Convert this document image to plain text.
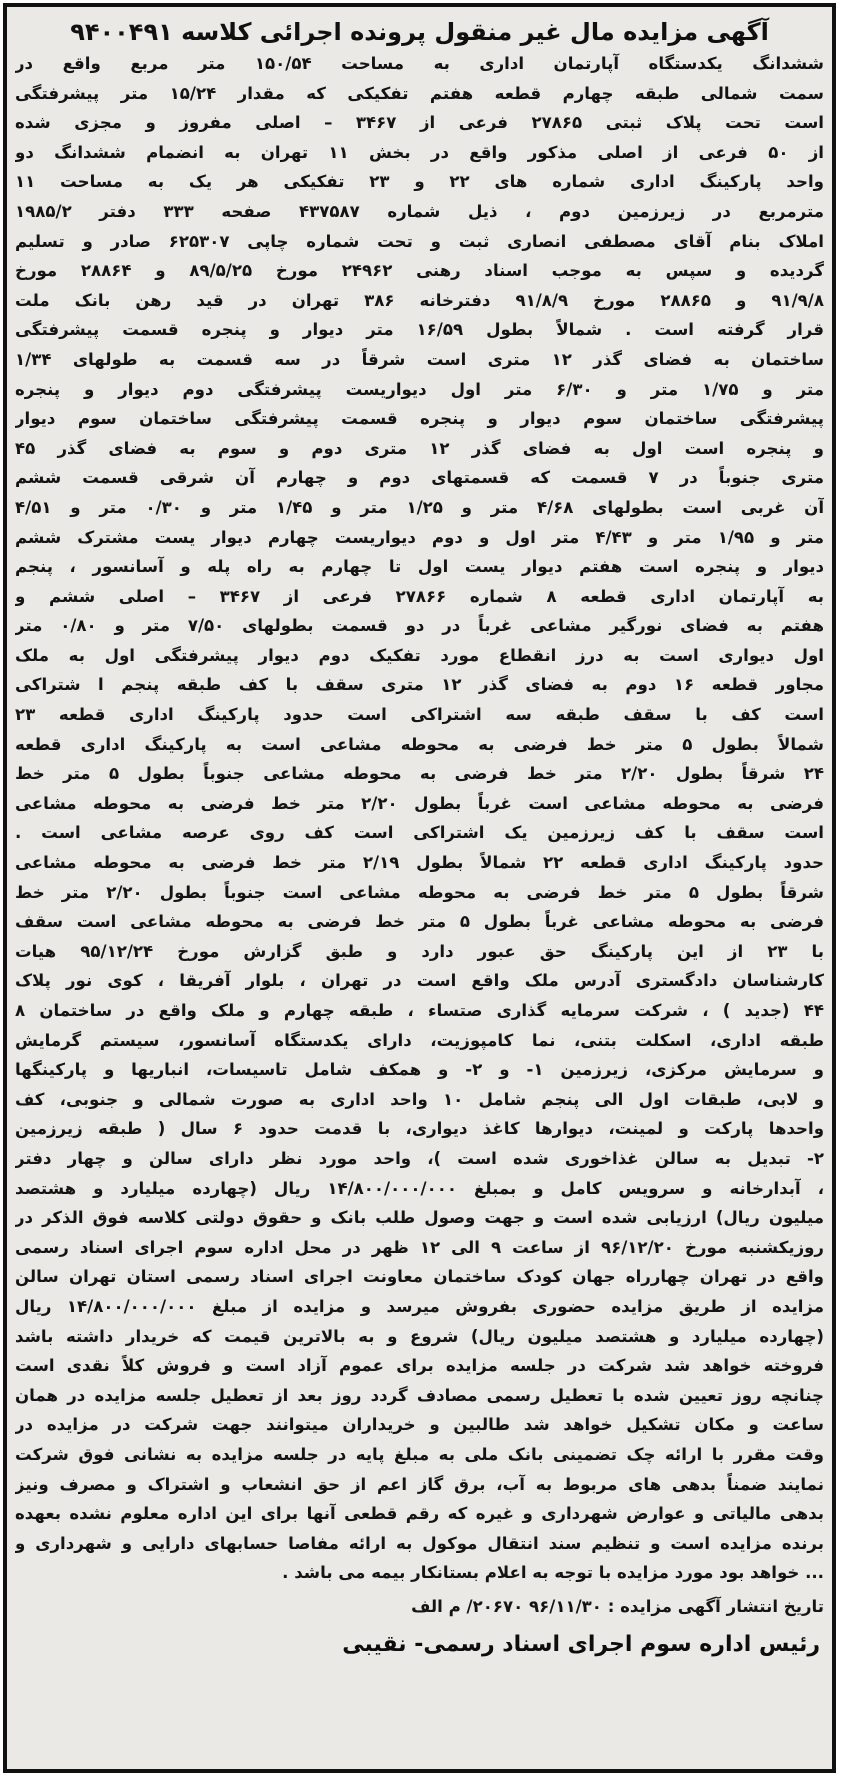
آگهی مزایده مال غیر منقول پرونده اجرائی کلاسه ۹۴۰۰۴۹۱
ششدانگ یکدستگاه آپارتمان اداری به مساحت ۱۵۰/۵۴ متر مربع واقع در
سمت شمالی طبقه چهارم قطعه هفتم تفکیکی که مقدار ۱۵/۲۴ متر پیشرفتگی
است تحت پلاک ثبتی ۲۷۸۶۵ فرعی از ۳۴۶۷ – اصلی مفروز و مجزی شده
از ۵۰ فرعی از اصلی مذکور واقع در بخش ۱۱ تهران به انضمام ششدانگ دو
واحد پارکینگ اداری شماره های ۲۲ و ۲۳ تفکیکی هر یک به مساحت ۱۱
مترمربع در زیرزمین دوم ، ذیل شماره ۴۳۷۵۸۷ صفحه ۳۳۳ دفتر ۱۹۸۵/۲
املاک بنام آقای مصطفی انصاری ثبت و تحت شماره چاپی ۶۲۵۳۰۷ صادر و تسلیم
گردیده و سپس به موجب اسناد رهنی ۲۴۹۶۲ مورخ ۸۹/۵/۲۵ و ۲۸۸۶۴ مورخ
۹۱/۹/۸ و ۲۸۸۶۵ مورخ ۹۱/۸/۹ دفترخانه ۳۸۶ تهران در قید رهن بانک ملت
قرار گرفته است . شمالاً بطول ۱۶/۵۹ متر دیوار و پنجره قسمت پیشرفتگی
ساختمان به فضای گذر ۱۲ متری است شرقاً در سه قسمت به طولهای ۱/۳۴
متر و ۱/۷۵ متر و ۶/۳۰ متر اول دیواریست پیشرفتگی دوم دیوار و پنجره
پیشرفتگی ساختمان سوم دیوار و پنجره قسمت پیشرفتگی ساختمان سوم دیوار
و پنجره است اول به فضای گذر ۱۲ متری دوم و سوم به فضای گذر ۴۵
متری جنوباً در ۷ قسمت که قسمتهای دوم و چهارم آن شرقی قسمت ششم
آن غربی است بطولهای ۴/۶۸ متر و ۱/۲۵ متر و ۱/۴۵ متر و ۰/۳۰ متر و ۴/۵۱
متر و ۱/۹۵ متر و ۴/۴۳ متر اول و دوم دیواریست چهارم دیوار یست مشترک ششم
دیوار و پنجره است هفتم دیوار یست اول تا چهارم به راه پله و آسانسور ، پنجم
به آپارتمان اداری قطعه ۸ شماره ۲۷۸۶۶ فرعی از ۳۴۶۷ – اصلی ششم و
هفتم به فضای نورگیر مشاعی غرباً در دو قسمت بطولهای ۷/۵۰ متر و ۰/۸۰ متر
اول دیواری است به درز انقطاع مورد تفکیک دوم دیوار پیشرفتگی اول به ملک
مجاور قطعه ۱۶ دوم به فضای گذر ۱۲ متری سقف با کف طبقه پنجم ا شتراکی
است کف با سقف طبقه سه اشتراکی است حدود پارکینگ اداری قطعه ۲۳
شمالاً بطول ۵ متر خط فرضی به محوطه مشاعی است به پارکینگ اداری قطعه
۲۴ شرقاً بطول ۲/۲۰ متر خط فرضی به محوطه مشاعی جنوباً بطول ۵ متر خط
فرضی به محوطه مشاعی است غرباً بطول ۲/۲۰ متر خط فرضی به محوطه مشاعی
است سقف با کف زیرزمین یک اشتراکی است کف روی عرصه مشاعی است .
حدود پارکینگ اداری قطعه ۲۲ شمالاً بطول ۲/۱۹ متر خط فرضی به محوطه مشاعی
شرقاً بطول ۵ متر خط فرضی به محوطه مشاعی است جنوباً بطول ۲/۲۰ متر خط
فرضی به محوطه مشاعی غرباً بطول ۵ متر خط فرضی به محوطه مشاعی است سقف
با ۲۳ از این پارکینگ حق عبور دارد و طبق گزارش مورخ ۹۵/۱۲/۲۴ هیات
کارشناسان دادگستری آدرس ملک واقع است در تهران ، بلوار آفریقا ، کوی نور پلاک
۴۴ (جدید ) ، شرکت سرمایه گذاری صتساء ، طبقه چهارم و ملک واقع در ساختمان ۸
طبقه اداری، اسکلت بتنی، نما کامپوزیت، دارای یکدستگاه آسانسور، سیستم گرمایش
و سرمایش مرکزی، زیرزمین ۱- و ۲- و همکف شامل تاسیسات، انباریها و پارکینگها
و لابی، طبقات اول الی پنجم شامل ۱۰ واحد اداری به صورت شمالی و جنوبی، کف
واحدها پارکت و لمینت، دیوارها کاغذ دیواری، با قدمت حدود ۶ سال ( طبقه زیرزمین
۲- تبدیل به سالن غذاخوری شده است )، واحد مورد نظر دارای سالن و چهار دفتر
، آبدارخانه و سرویس کامل و بمبلغ ۱۴/۸۰۰/۰۰۰/۰۰۰ ریال (چهارده میلیارد و هشتصد
میلیون ریال) ارزیابی شده است و جهت وصول طلب بانک و حقوق دولتی کلاسه فوق الذکر در
روزیکشنبه مورخ ۹۶/۱۲/۲۰ از ساعت ۹ الی ۱۲ ظهر در محل اداره سوم اجرای اسناد رسمی
واقع در تهران چهارراه جهان کودک ساختمان معاونت اجرای اسناد رسمی استان تهران سالن
مزایده از طریق مزایده حضوری بفروش میرسد و مزایده از مبلغ ۱۴/۸۰۰/۰۰۰/۰۰۰ ریال
(چهارده میلیارد و هشتصد میلیون ریال) شروع و به بالاترین قیمت که خریدار داشته باشد
فروخته خواهد شد شرکت در جلسه مزایده برای عموم آزاد است و فروش کلاً نقدی است
چنانچه روز تعیین شده با تعطیل رسمی مصادف گردد روز بعد از تعطیل جلسه مزایده در همان
ساعت و مکان تشکیل خواهد شد طالبین و خریداران میتوانند جهت شرکت در مزایده در
وقت مقرر با ارائه چک تضمینی بانک ملی به مبلغ پایه در جلسه مزایده به نشانی فوق شرکت
نمایند ضمناً بدهی های مربوط به آب، برق گاز اعم از حق انشعاب و اشتراک و مصرف ونیز
بدهی مالیاتی و عوارض شهرداری و غیره که رقم قطعی آنها برای این اداره معلوم نشده بعهده
برنده مزایده است و تنظیم سند انتقال موکول به ارائه مفاصا حسابهای دارایی و شهرداری و
... خواهد بود مورد مزایده با توجه به اعلام بستانکار بیمه می باشد .
تاریخ انتشار آگهی مزایده : ۹۶/۱۱/۳۰ ۲۰۶۷۰/ م الف
رئیس اداره سوم اجرای اسناد رسمی- نقیبی
